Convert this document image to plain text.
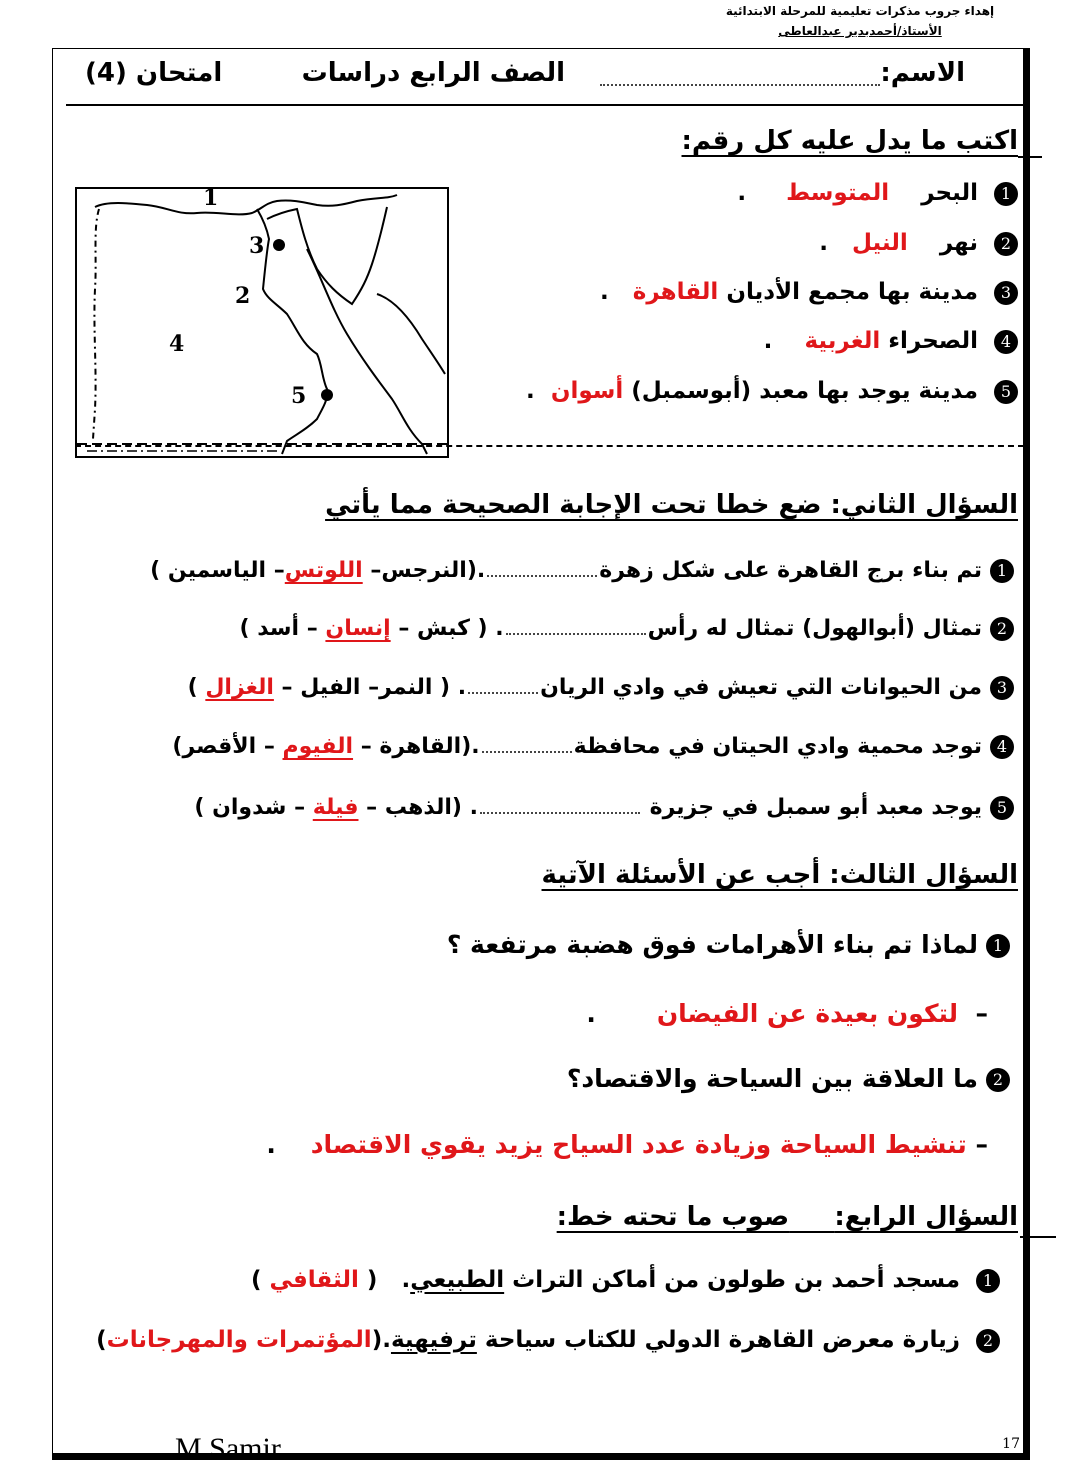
إهداء جروب مذكرات تعليمية للمرحلة الابتدائية
الأستاذ/أحمدبدير عبدالعاطى
الاسم:
الصف الرابع دراسات
امتحان (4)
اكتب ما يدل عليه كل رقم:
1 البحر    المتوسط     .
2 نهر    النيل   .
3 مدينة بها مجمع الأديان القاهرة   .
4 الصحراء الغربية    .
5 مدينة يوجد بها معبد (أبوسمبل) أسوان  .
1
2
3
4
5
السؤال الثاني: ضع خطا تحت الإجابة الصحيحة مما يأتي
1تم بناء برج القاهرة على شكل زهرة.(النرجس– اللوتس– الياسمين )
2تمثال (أبوالهول) تمثال له رأس. ( كبش – إنسان – أسد )
3من الحيوانات التي تعيش في وادي الريان. ( النمر– الفيل – الغزال )
4توجد محمية وادي الحيتان في محافظة.(القاهرة – الفيوم – الأقصر)
5يوجد معبد أبو سمبل في جزيرة . (الذهب – فيلة – شدوان )
السؤال الثالث: أجب عن الأسئلة الآتية
1لماذا تم بناء الأهرامات فوق هضبة مرتفعة ؟
–  لتكون بعيدة عن الفيضان       .
2ما العلاقة بين السياحة والاقتصاد؟
– تنشيط السياحة وزيادة عدد السياح يزيد يقوي الاقتصاد    .
السؤال الرابع:     صوب ما تحته خط:
1 مسجد أحمد بن طولون من أماكن التراث الطبيعي.   ( الثقافي )
2 زيارة معرض القاهرة الدولي للكتاب سياحة ترفيهية.(المؤتمرات والمهرجانات)
17
M.Samir
